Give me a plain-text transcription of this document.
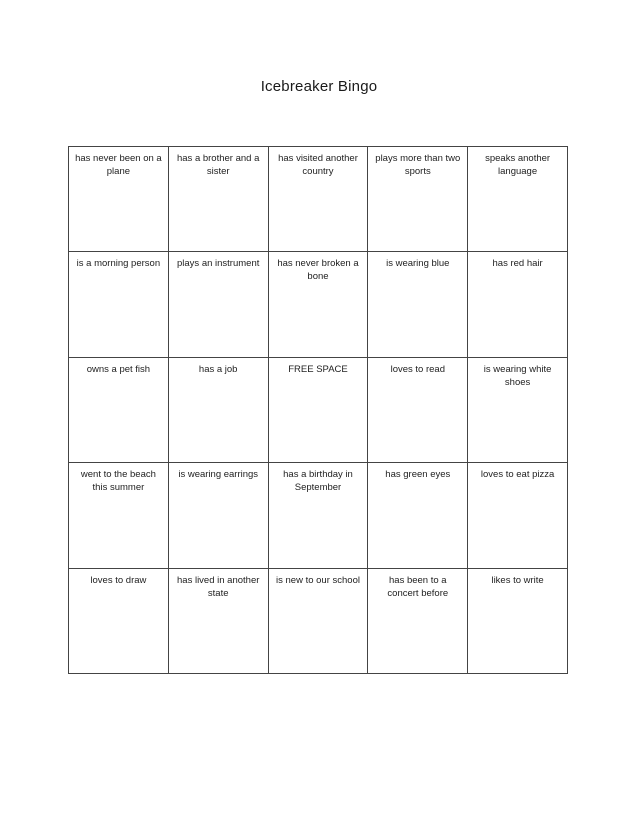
Icebreaker Bingo
has never been on a plane	has a brother and a sister	has visited another country	plays more than two sports	speaks another language
is a morning person	plays an instrument	has never broken a bone	is wearing blue	has red hair
owns a pet fish	has a job	FREE SPACE	loves to read	is wearing white shoes
went to the beach this summer	is wearing earrings	has a birthday in September	has green eyes	loves to eat pizza
loves to draw	has lived in another state	is new to our school	has been to a concert before	likes to write
